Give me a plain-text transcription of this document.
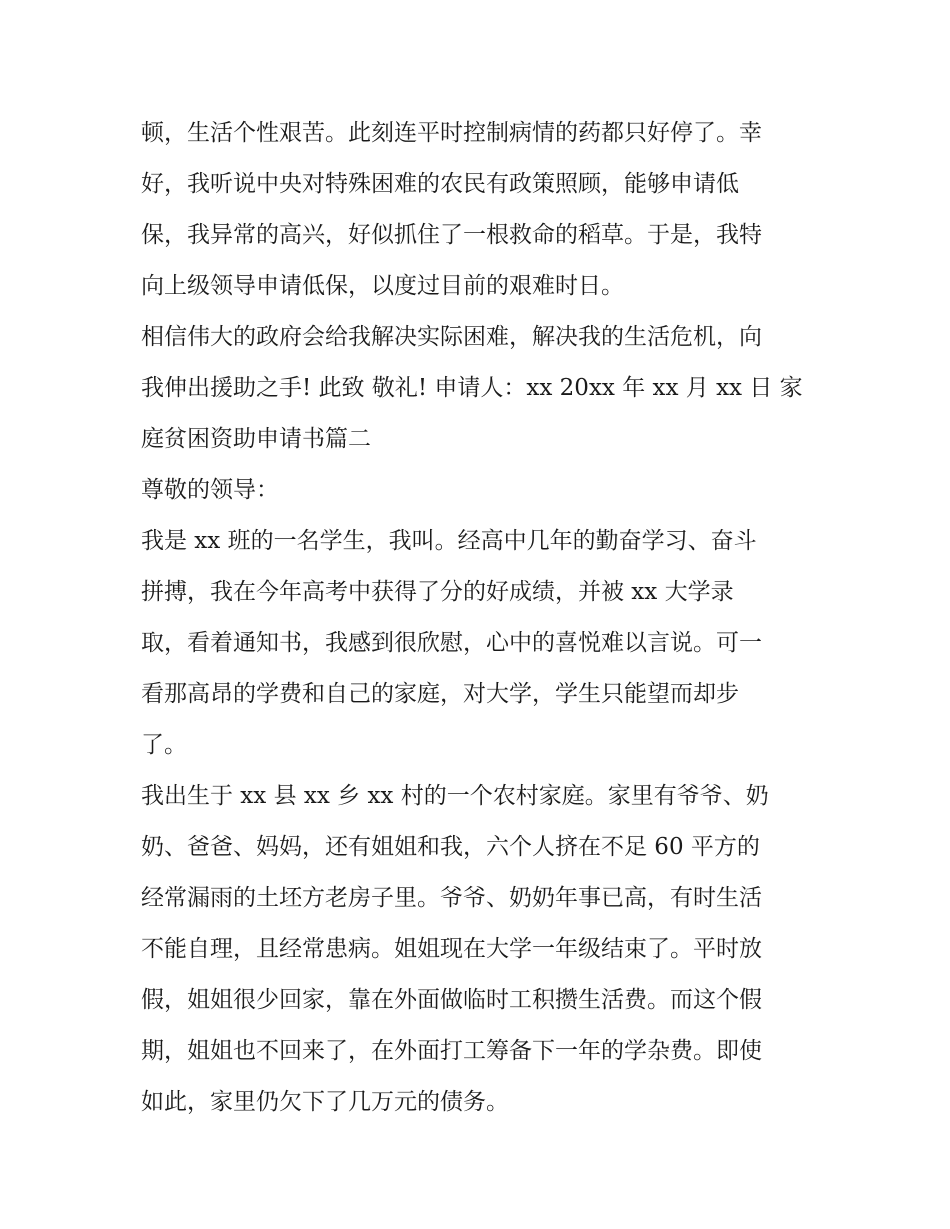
顿，生活个性艰苦。此刻连平时控制病情的药都只好停了。幸
好，我听说中央对特殊困难的农民有政策照顾，能够申请低
保，我异常的高兴，好似抓住了一根救命的稻草。于是，我特
向上级领导申请低保，以度过目前的艰难时日。
相信伟大的政府会给我解决实际困难，解决我的生活危机，向
我伸出援助之手! 此致 敬礼! 申请人：xx 20xx 年 xx 月 xx 日 家
庭贫困资助申请书篇二
尊敬的领导：
我是 xx 班的一名学生，我叫。经高中几年的勤奋学习、奋斗
拼搏，我在今年高考中获得了分的好成绩，并被 xx 大学录
取，看着通知书，我感到很欣慰，心中的喜悦难以言说。可一
看那高昂的学费和自己的家庭，对大学，学生只能望而却步
了。
我出生于 xx 县 xx 乡 xx 村的一个农村家庭。家里有爷爷、奶
奶、爸爸、妈妈，还有姐姐和我，六个人挤在不足 60 平方的
经常漏雨的土坯方老房子里。爷爷、奶奶年事已高，有时生活
不能自理，且经常患病。姐姐现在大学一年级结束了。平时放
假，姐姐很少回家，靠在外面做临时工积攒生活费。而这个假
期，姐姐也不回来了，在外面打工筹备下一年的学杂费。即使
如此，家里仍欠下了几万元的债务。
